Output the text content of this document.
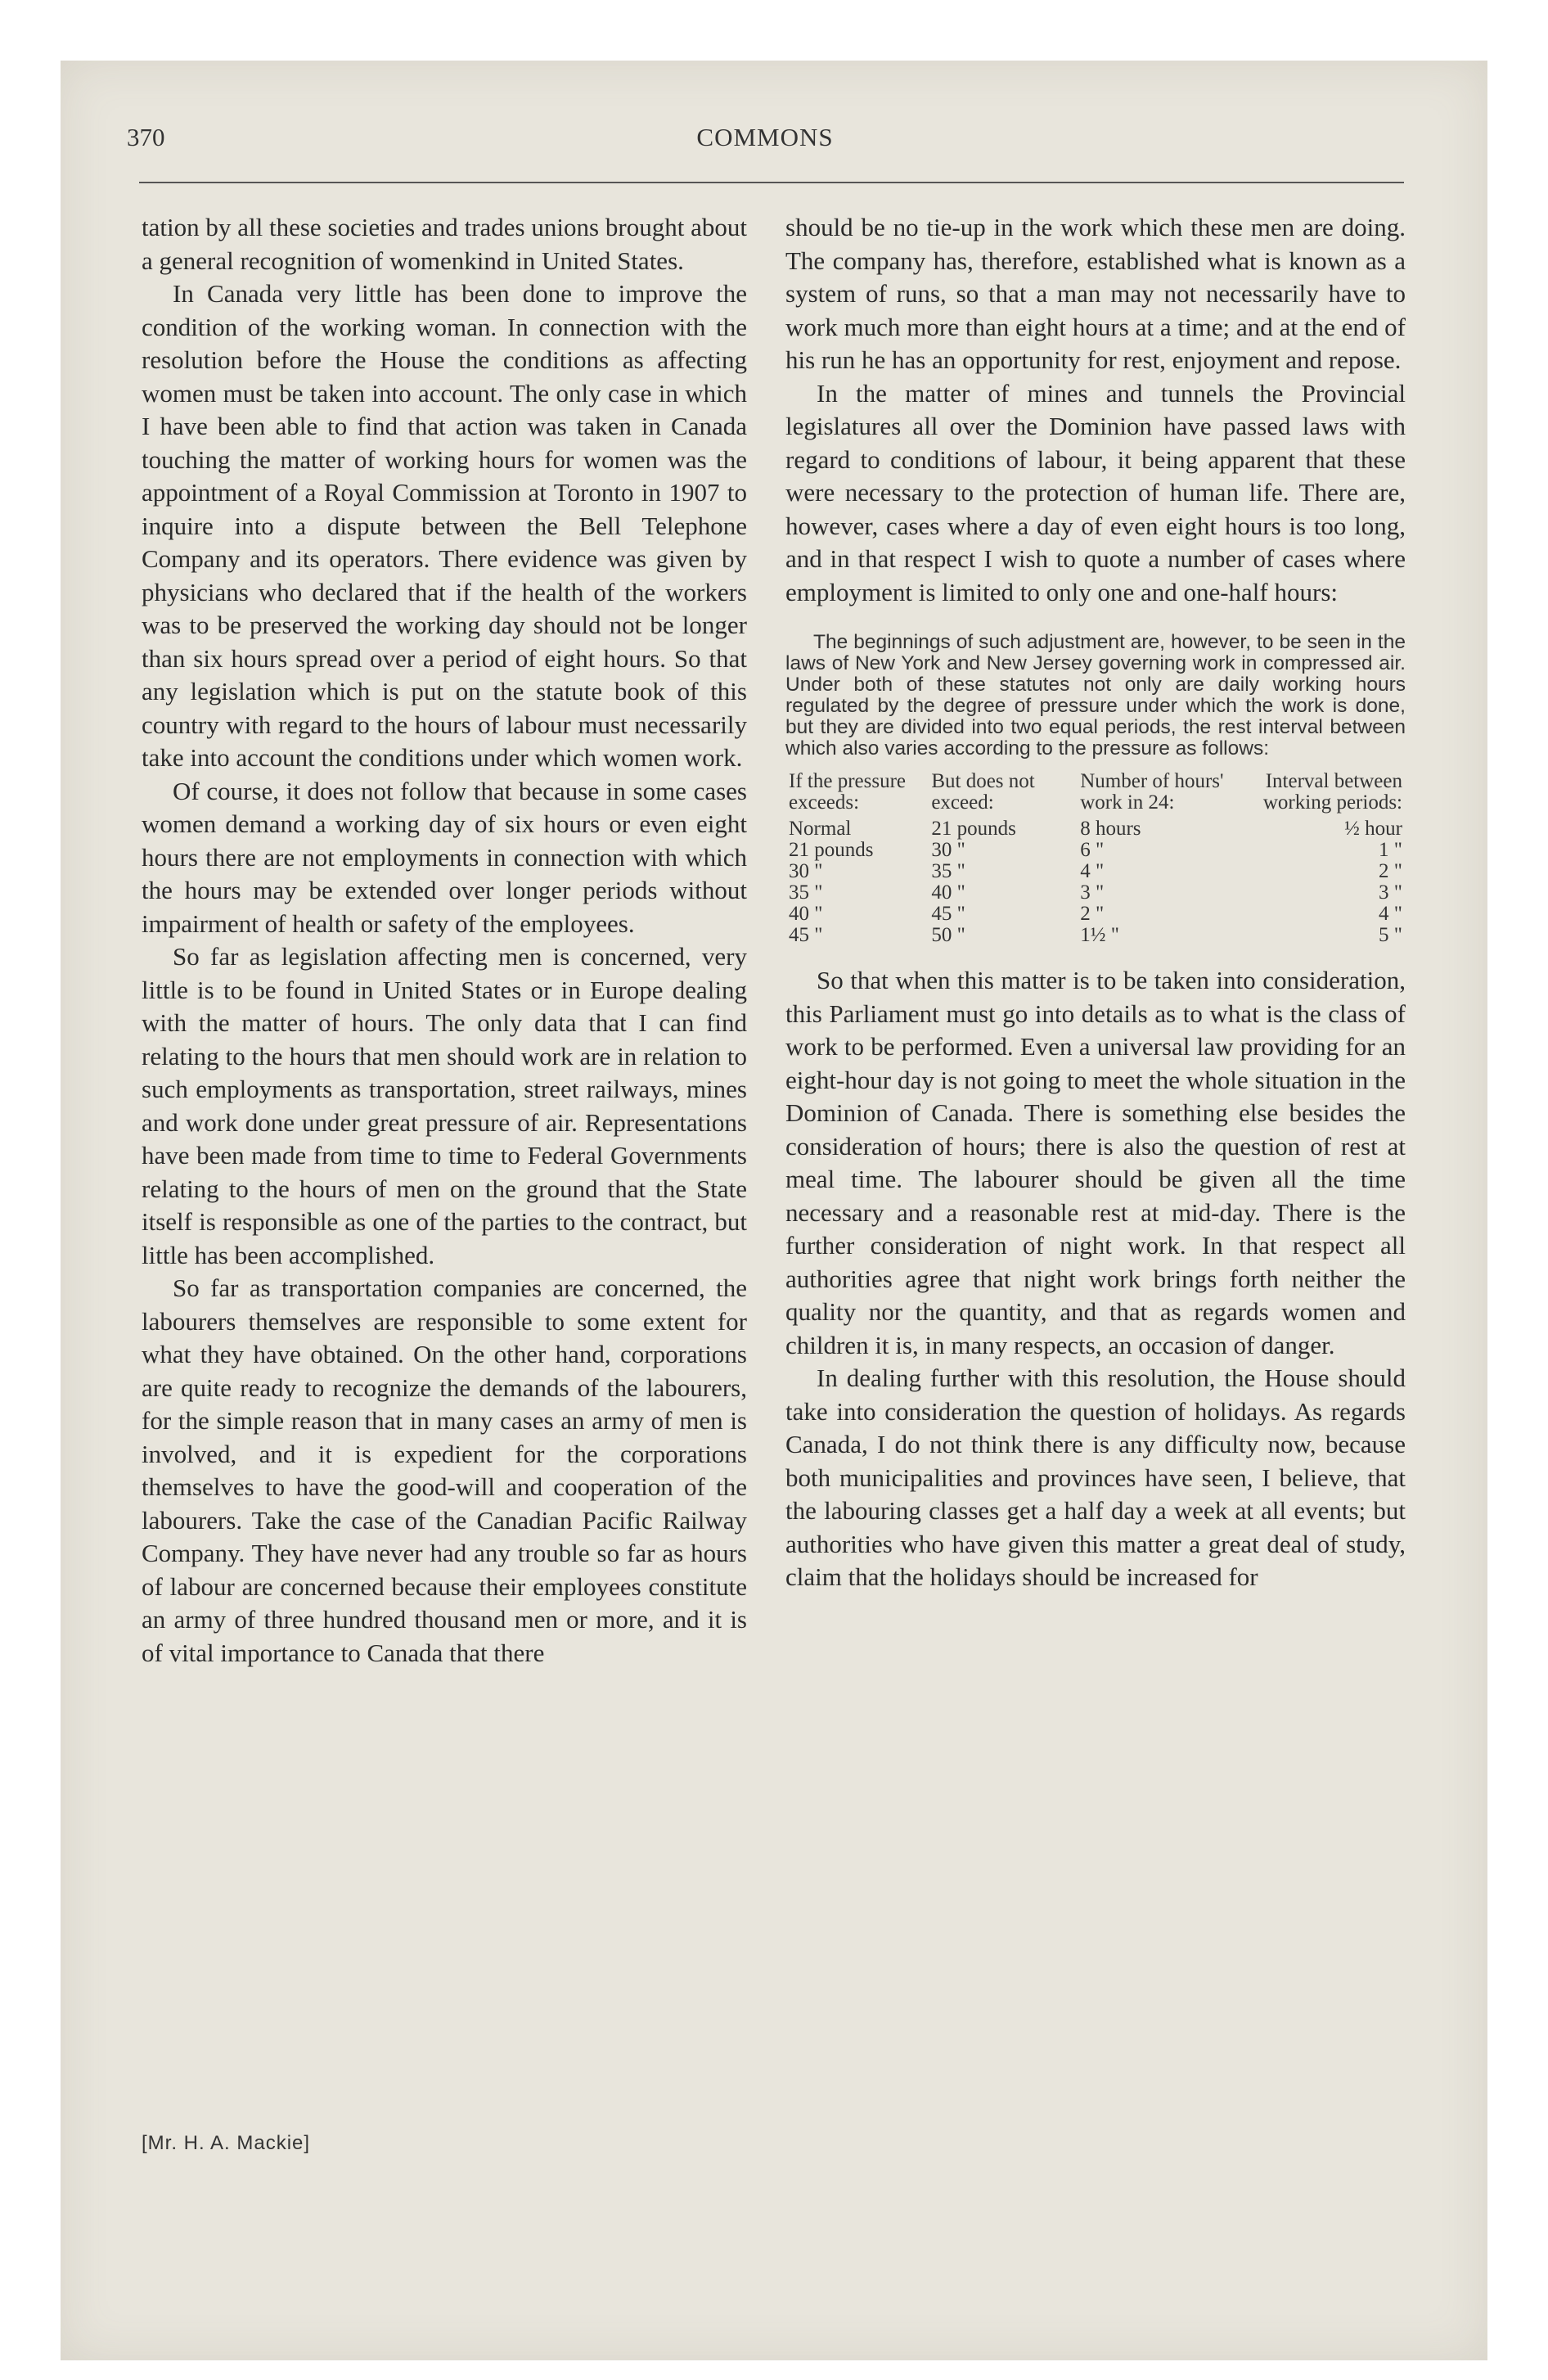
370	COMMONS

tation by all these societies and trades unions brought about a general recognition of womenkind in United States.

In Canada very little has been done to improve the condition of the working woman. In connection with the resolution before the House the conditions as affecting women must be taken into account. The only case in which I have been able to find that action was taken in Canada touching the matter of working hours for women was the appointment of a Royal Commission at Toronto in 1907 to inquire into a dispute between the Bell Telephone Company and its operators. There evidence was given by physicians who declared that if the health of the workers was to be preserved the working day should not be longer than six hours spread over a period of eight hours. So that any legislation which is put on the statute book of this country with regard to the hours of labour must necessarily take into account the conditions under which women work.

Of course, it does not follow that because in some cases women demand a working day of six hours or even eight hours there are not employments in connection with which the hours may be extended over longer periods without impairment of health or safety of the employees.

So far as legislation affecting men is concerned, very little is to be found in United States or in Europe dealing with the matter of hours. The only data that I can find relating to the hours that men should work are in relation to such employments as transportation, street railways, mines and work done under great pressure of air. Representations have been made from time to time to Federal Governments relating to the hours of men on the ground that the State itself is responsible as one of the parties to the contract, but little has been accomplished.

So far as transportation companies are concerned, the labourers themselves are responsible to some extent for what they have obtained. On the other hand, corporations are quite ready to recognize the demands of the labourers, for the simple reason that in many cases an army of men is involved, and it is expedient for the corporations themselves to have the good-will and cooperation of the labourers. Take the case of the Canadian Pacific Railway Company. They have never had any trouble so far as hours of labour are concerned because their employees constitute an army of three hundred thousand men or more, and it is of vital importance to Canada that there

should be no tie-up in the work which these men are doing. The company has, therefore, established what is known as a system of runs, so that a man may not necessarily have to work much more than eight hours at a time; and at the end of his run he has an opportunity for rest, enjoyment and repose.

In the matter of mines and tunnels the Provincial legislatures all over the Dominion have passed laws with regard to conditions of labour, it being apparent that these were necessary to the protection of human life. There are, however, cases where a day of even eight hours is too long, and in that respect I wish to quote a number of cases where employment is limited to only one and one-half hours:

The beginnings of such adjustment are, however, to be seen in the laws of New York and New Jersey governing work in compressed air. Under both of these statutes not only are daily working hours regulated by the degree of pressure under which the work is done, but they are divided into two equal periods, the rest interval between which also varies according to the pressure as follows:

If the pressure exceeds:	But does not exceed:	Number of hours' work in 24:	Interval between working periods:
Normal	21 pounds	8 hours	½ hour
21 pounds	30 "	6 "	1 "
30 "	35 "	4 "	2 "
35 "	40 "	3 "	3 "
40 "	45 "	2 "	4 "
45 "	50 "	1½ "	5 "

So that when this matter is to be taken into consideration, this Parliament must go into details as to what is the class of work to be performed. Even a universal law providing for an eight-hour day is not going to meet the whole situation in the Dominion of Canada. There is something else besides the consideration of hours; there is also the question of rest at meal time. The labourer should be given all the time necessary and a reasonable rest at mid-day. There is the further consideration of night work. In that respect all authorities agree that night work brings forth neither the quality nor the quantity, and that as regards women and children it is, in many respects, an occasion of danger.

In dealing further with this resolution, the House should take into consideration the question of holidays. As regards Canada, I do not think there is any difficulty now, because both municipalities and provinces have seen, I believe, that the labouring classes get a half day a week at all events; but authorities who have given this matter a great deal of study, claim that the holidays should be increased for

[Mr. H. A. Mackie]
